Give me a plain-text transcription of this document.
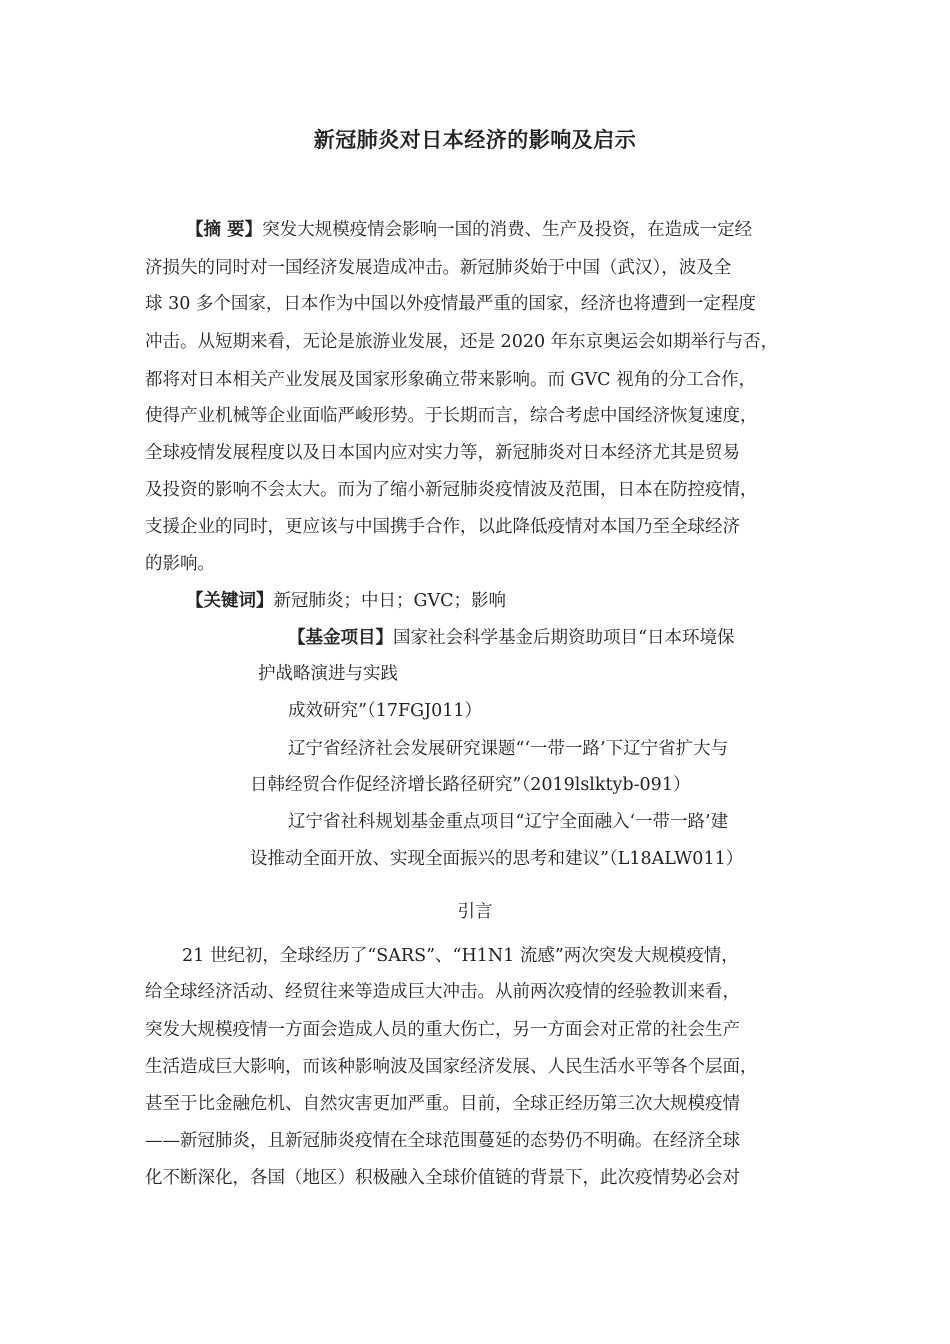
新冠肺炎对日本经济的影响及启示
【摘 要】突发大规模疫情会影响一国的消费、生产及投资，在造成一定经
济损失的同时对一国经济发展造成冲击。新冠肺炎始于中国（武汉），波及全
球 30 多个国家，日本作为中国以外疫情最严重的国家，经济也将遭到一定程度
冲击。从短期来看，无论是旅游业发展，还是 2020 年东京奥运会如期举行与否，
都将对日本相关产业发展及国家形象确立带来影响。而 GVC 视角的分工合作，
使得产业机械等企业面临严峻形势。于长期而言，综合考虑中国经济恢复速度，
全球疫情发展程度以及日本国内应对实力等，新冠肺炎对日本经济尤其是贸易
及投资的影响不会太大。而为了缩小新冠肺炎疫情波及范围，日本在防控疫情，
支援企业的同时，更应该与中国携手合作，以此降低疫情对本国乃至全球经济
的影响。
【关键词】新冠肺炎；中日；GVC；影响
【基金项目】国家社会科学基金后期资助项目“日本环境保
护战略演进与实践
成效研究”（17FGJ011）
辽宁省经济社会发展研究课题“‘一带一路’下辽宁省扩大与
日韩经贸合作促经济增长路径研究”（2019lslktyb-091）
辽宁省社科规划基金重点项目“辽宁全面融入‘一带一路’建
设推动全面开放、实现全面振兴的思考和建议”（L18ALW011）
引言
21 世纪初，全球经历了“SARS”、“H1N1 流感”两次突发大规模疫情，
给全球经济活动、经贸往来等造成巨大冲击。从前两次疫情的经验教训来看，
突发大规模疫情一方面会造成人员的重大伤亡，另一方面会对正常的社会生产
生活造成巨大影响，而该种影响波及国家经济发展、人民生活水平等各个层面，
甚至于比金融危机、自然灾害更加严重。目前，全球正经历第三次大规模疫情
——新冠肺炎，且新冠肺炎疫情在全球范围蔓延的态势仍不明确。在经济全球
化不断深化，各国（地区）积极融入全球价值链的背景下，此次疫情势必会对
